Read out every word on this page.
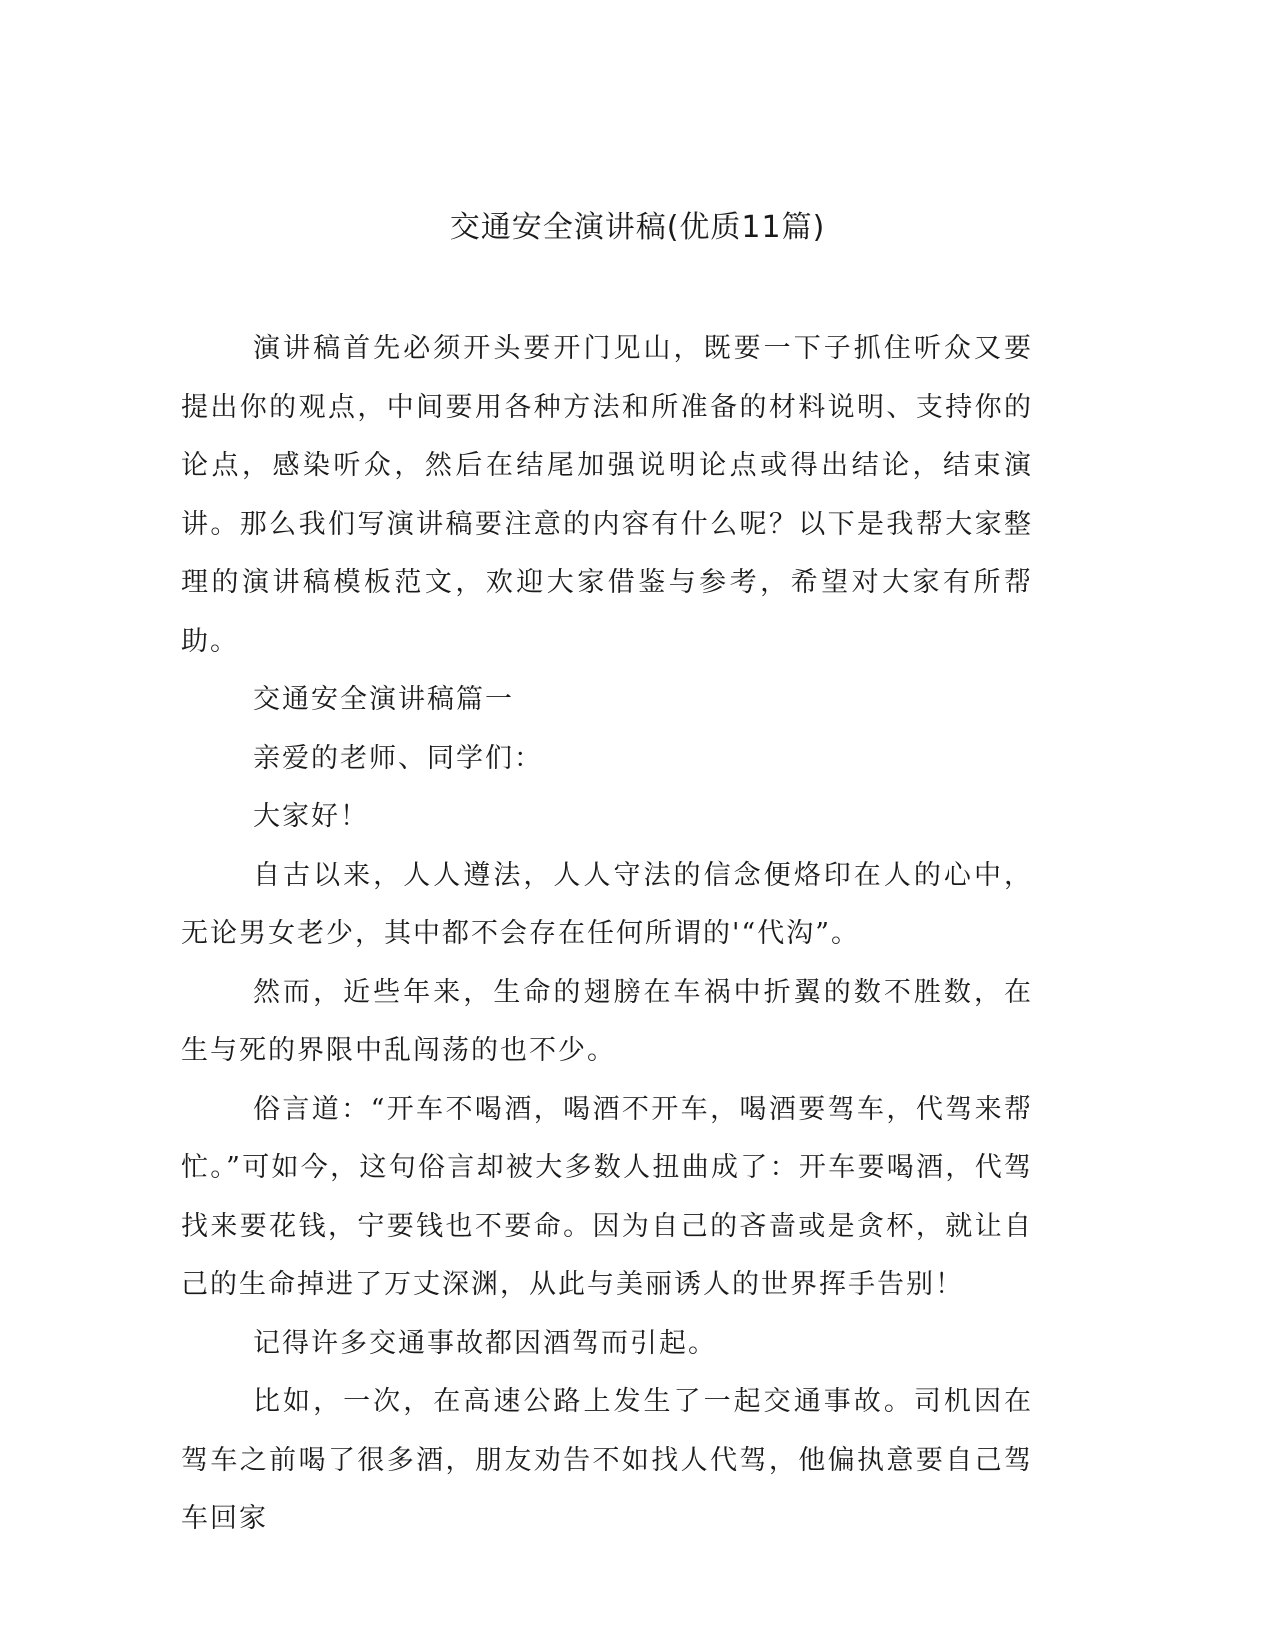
交通安全演讲稿(优质11篇)

演讲稿首先必须开头要开门见山，既要一下子抓住听众又要提出你的观点，中间要用各种方法和所准备的材料说明、支持你的论点，感染听众，然后在结尾加强说明论点或得出结论，结束演讲。那么我们写演讲稿要注意的内容有什么呢？以下是我帮大家整理的演讲稿模板范文，欢迎大家借鉴与参考，希望对大家有所帮助。

交通安全演讲稿篇一

亲爱的老师、同学们：

大家好！

自古以来，人人遵法，人人守法的信念便烙印在人的心中，无论男女老少，其中都不会存在任何所谓的'“代沟”。

然而，近些年来，生命的翅膀在车祸中折翼的数不胜数，在生与死的界限中乱闯荡的也不少。

俗言道：“开车不喝酒，喝酒不开车，喝酒要驾车，代驾来帮忙。”可如今，这句俗言却被大多数人扭曲成了：开车要喝酒，代驾找来要花钱，宁要钱也不要命。因为自己的吝啬或是贪杯，就让自己的生命掉进了万丈深渊，从此与美丽诱人的世界挥手告别！

记得许多交通事故都因酒驾而引起。

比如，一次，在高速公路上发生了一起交通事故。司机因在驾车之前喝了很多酒，朋友劝告不如找人代驾，他偏执意要自己驾车回家
